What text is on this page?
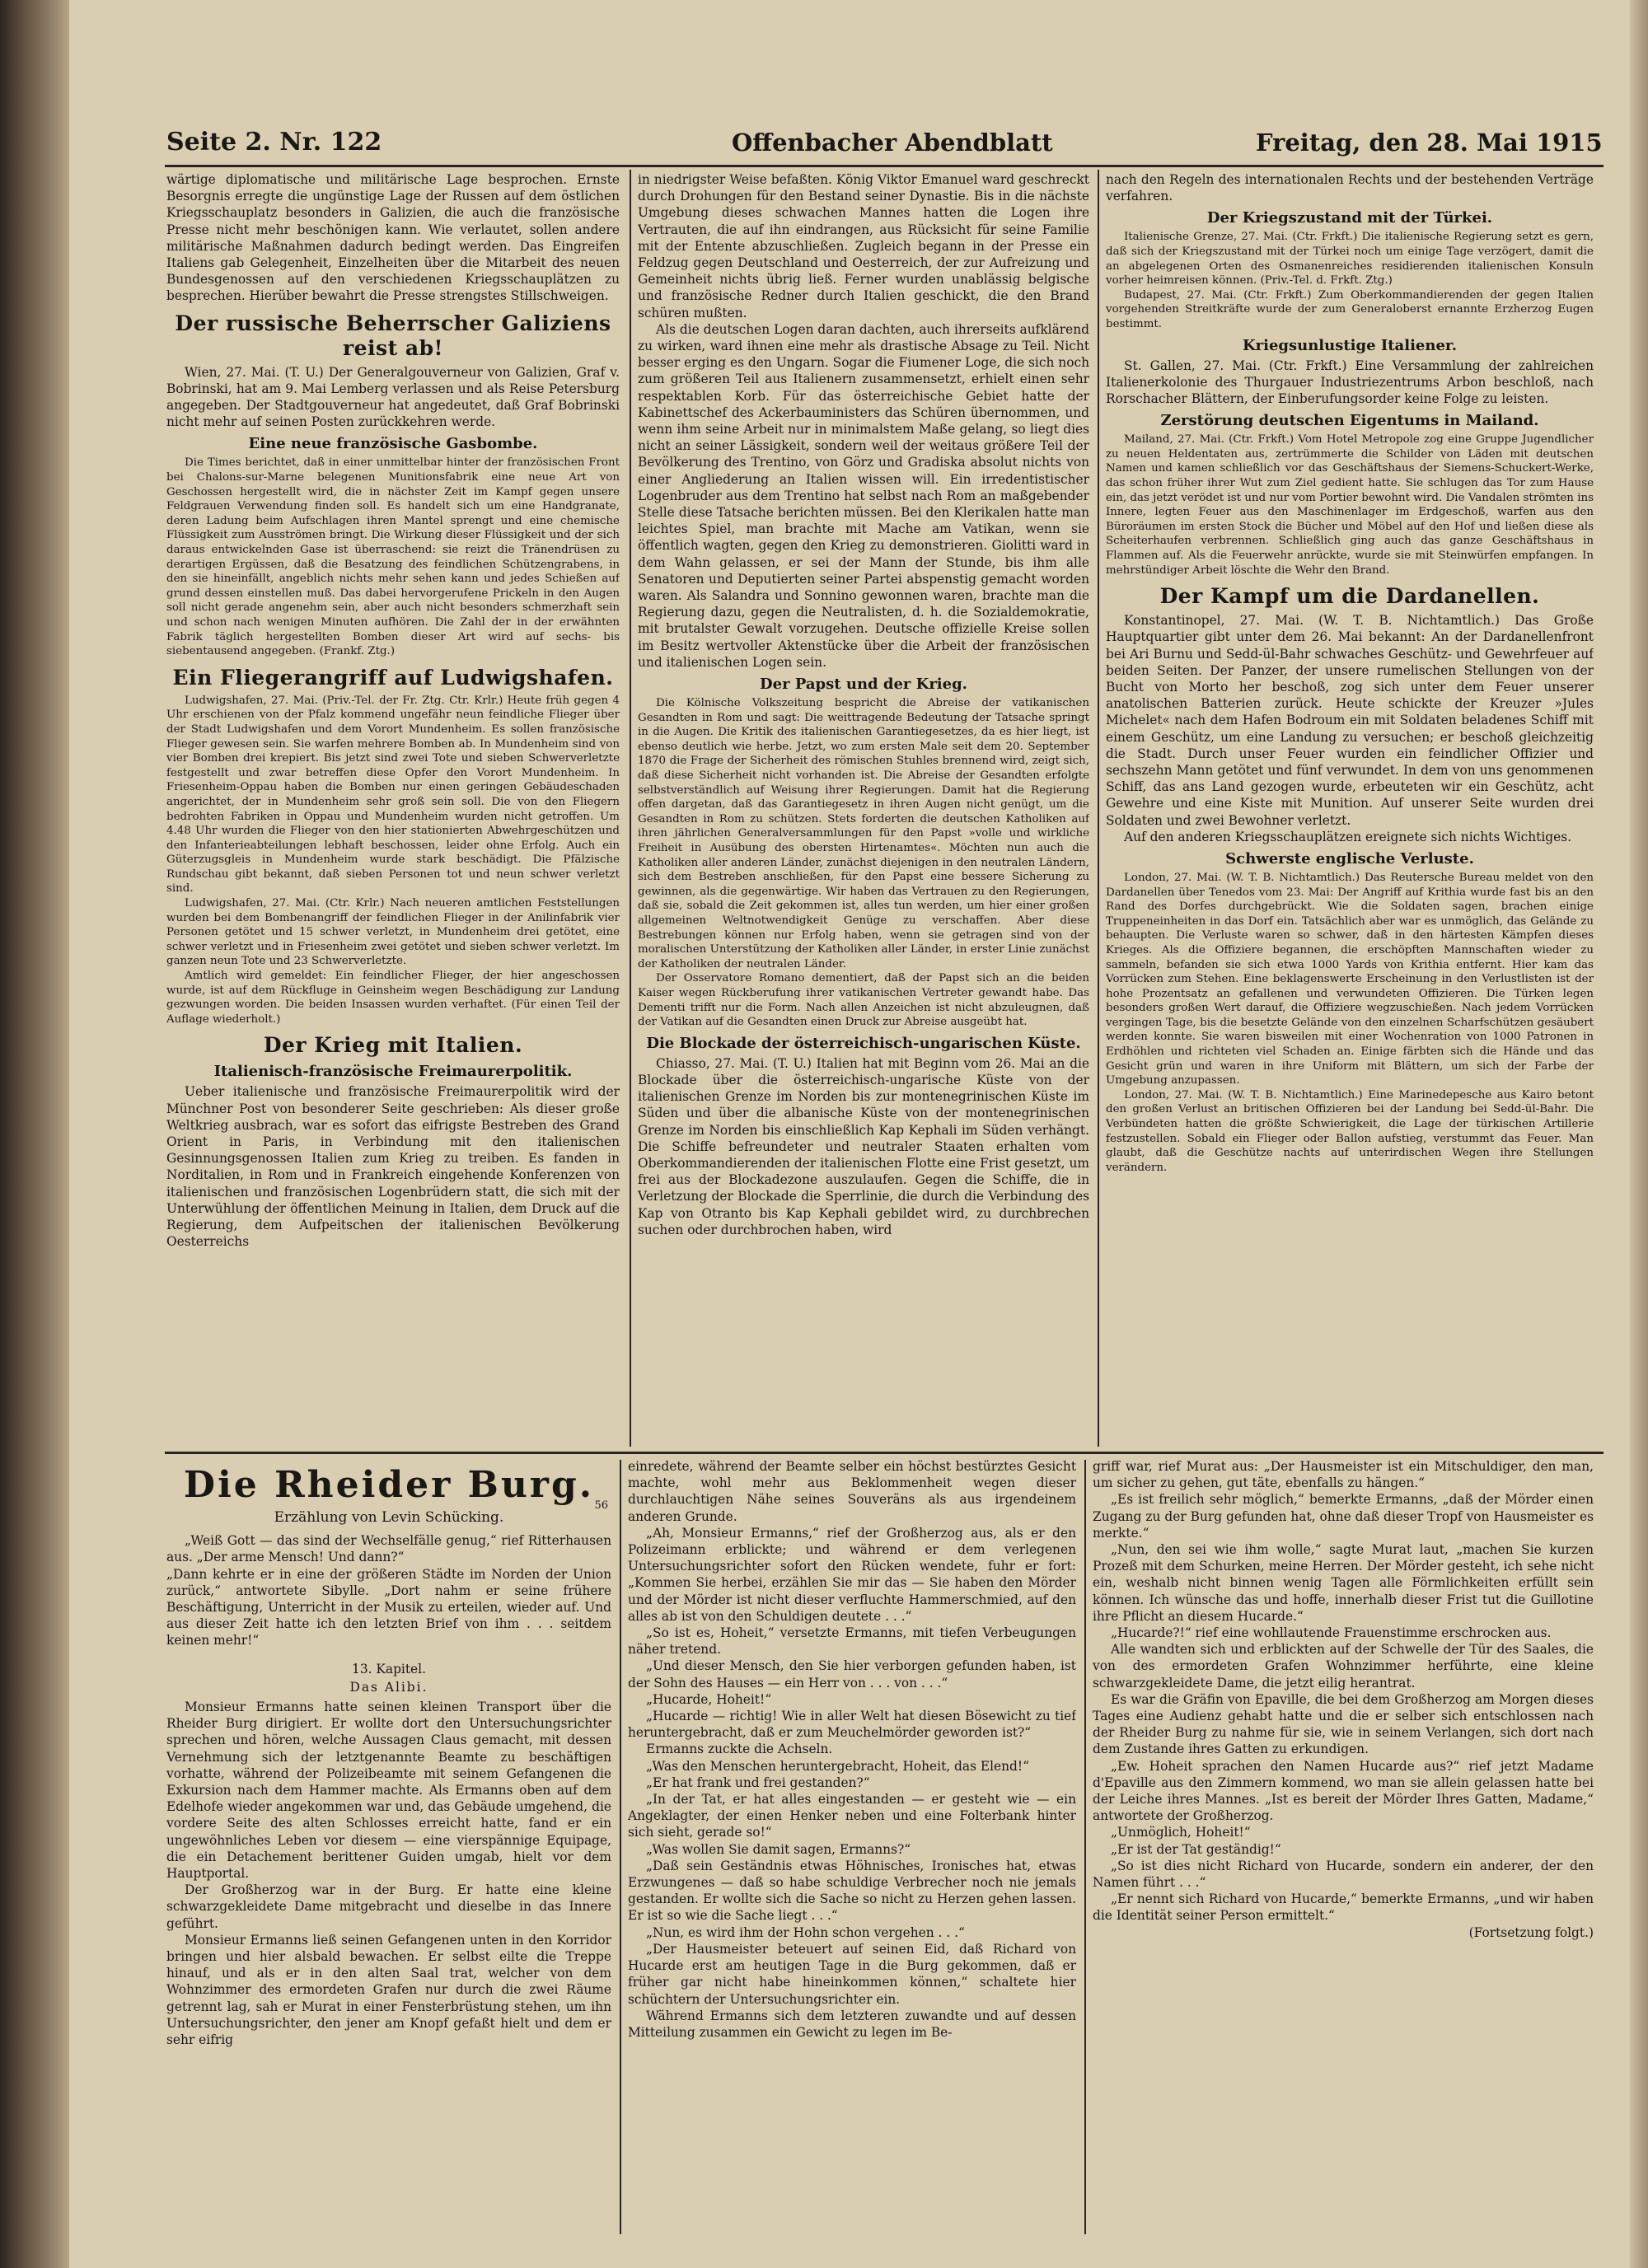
Seite 2. Nr. 122	Offenbacher Abendblatt	Freitag, den 28. Mai 1915

wärtige diplomatische und militärische Lage besprochen. Ernste Besorgnis erregte die ungünstige Lage der Russen auf dem östlichen Kriegsschauplatz besonders in Galizien, die auch die französische Presse nicht mehr beschönigen kann. Wie verlautet, sollen andere militärische Maßnahmen dadurch bedingt werden. Das Eingreifen Italiens gab Gelegenheit, Einzelheiten über die Mitarbeit des neuen Bundesgenossen auf den verschiedenen Kriegsschauplätzen zu besprechen. Hierüber bewahrt die Presse strengstes Stillschweigen.

Der russische Beherrscher Galiziens reist ab!

Wien, 27. Mai. (T. U.) Der Generalgouverneur von Galizien, Graf v. Bobrinski, hat am 9. Mai Lemberg verlassen und als Reise Petersburg angegeben. Der Stadtgouverneur hat angedeutet, daß Graf Bobrinski nicht mehr auf seinen Posten zurückkehren werde.

Eine neue französische Gasbombe.

Die Times berichtet, daß in einer unmittelbar hinter der französischen Front bei Chalons-sur-Marne belegenen Munitionsfabrik eine neue Art von Geschossen hergestellt wird, die in nächster Zeit im Kampf gegen unsere Feldgrauen Verwendung finden soll. Es handelt sich um eine Handgranate, deren Ladung beim Aufschlagen ihren Mantel sprengt und eine chemische Flüssigkeit zum Ausströmen bringt. Die Wirkung dieser Flüssigkeit und der sich daraus entwickelnden Gase ist überraschend: sie reizt die Tränendrüsen zu derartigen Ergüssen, daß die Besatzung des feindlichen Schützengrabens, in den sie hineinfällt, angeblich nichts mehr sehen kann und jedes Schießen auf grund dessen einstellen muß. Das dabei hervorgerufene Prickeln in den Augen soll nicht gerade angenehm sein, aber auch nicht besonders schmerzhaft sein und schon nach wenigen Minuten aufhören. Die Zahl der in der erwähnten Fabrik täglich hergestellten Bomben dieser Art wird auf sechs- bis siebentausend angegeben. (Frankf. Ztg.)

Ein Fliegerangriff auf Ludwigshafen.

Ludwigshafen, 27. Mai. (Priv.-Tel. der Fr. Ztg. Ctr. Krlr.) Heute früh gegen 4 Uhr erschienen von der Pfalz kommend ungefähr neun feindliche Flieger über der Stadt Ludwigshafen und dem Vorort Mundenheim. Es sollen französische Flieger gewesen sein. Sie warfen mehrere Bomben ab. In Mundenheim sind von vier Bomben drei krepiert. Bis jetzt sind zwei Tote und sieben Schwerverletzte festgestellt und zwar betreffen diese Opfer den Vorort Mundenheim. In Friesenheim-Oppau haben die Bomben nur einen geringen Gebäudeschaden angerichtet, der in Mundenheim sehr groß sein soll. Die von den Fliegern bedrohten Fabriken in Oppau und Mundenheim wurden nicht getroffen. Um 4.48 Uhr wurden die Flieger von den hier stationierten Abwehrgeschützen und den Infanterieabteilungen lebhaft beschossen, leider ohne Erfolg. Auch ein Güterzugsgleis in Mundenheim wurde stark beschädigt. Die Pfälzische Rundschau gibt bekannt, daß sieben Personen tot und neun schwer verletzt sind.

Ludwigshafen, 27. Mai. (Ctr. Krlr.) Nach neueren amtlichen Feststellungen wurden bei dem Bombenangriff der feindlichen Flieger in der Anilinfabrik vier Personen getötet und 15 schwer verletzt, in Mundenheim drei getötet, eine schwer verletzt und in Friesenheim zwei getötet und sieben schwer verletzt. Im ganzen neun Tote und 23 Schwerverletzte.

Amtlich wird gemeldet: Ein feindlicher Flieger, der hier angeschossen wurde, ist auf dem Rückfluge in Geinsheim wegen Beschädigung zur Landung gezwungen worden. Die beiden Insassen wurden verhaftet. (Für einen Teil der Auflage wiederholt.)

Der Krieg mit Italien.
Italienisch-französische Freimaurerpolitik.

Ueber italienische und französische Freimaurerpolitik wird der Münchner Post von besonderer Seite geschrieben: Als dieser große Weltkrieg ausbrach, war es sofort das eifrigste Bestreben des Grand Orient in Paris, in Verbindung mit den italienischen Gesinnungsgenossen Italien zum Krieg zu treiben. Es fanden in Norditalien, in Rom und in Frankreich eingehende Konferenzen von italienischen und französischen Logenbrüdern statt, die sich mit der Unterwühlung der öffentlichen Meinung in Italien, dem Druck auf die Regierung, dem Aufpeitschen der italienischen Bevölkerung Oesterreichs

in niedrigster Weise befaßten. König Viktor Emanuel ward geschreckt durch Drohungen für den Bestand seiner Dynastie. Bis in die nächste Umgebung dieses schwachen Mannes hatten die Logen ihre Vertrauten, die auf ihn eindrangen, aus Rücksicht für seine Familie mit der Entente abzuschließen. Zugleich begann in der Presse ein Feldzug gegen Deutschland und Oesterreich, der zur Aufreizung und Gemeinheit nichts übrig ließ. Ferner wurden unablässig belgische und französische Redner durch Italien geschickt, die den Brand schüren mußten.

Als die deutschen Logen daran dachten, auch ihrerseits aufklärend zu wirken, ward ihnen eine mehr als drastische Absage zu Teil. Nicht besser erging es den Ungarn. Sogar die Fiumener Loge, die sich noch zum größeren Teil aus Italienern zusammensetzt, erhielt einen sehr respektablen Korb. Für das österreichische Gebiet hatte der Kabinettschef des Ackerbauministers das Schüren übernommen, und wenn ihm seine Arbeit nur in minimalstem Maße gelang, so liegt dies nicht an seiner Lässigkeit, sondern weil der weitaus größere Teil der Bevölkerung des Trentino, von Görz und Gradiska absolut nichts von einer Angliederung an Italien wissen will. Ein irredentistischer Logenbruder aus dem Trentino hat selbst nach Rom an maßgebender Stelle diese Tatsache berichten müssen. Bei den Klerikalen hatte man leichtes Spiel, man brachte mit Mache am Vatikan, wenn sie öffentlich wagten, gegen den Krieg zu demonstrieren. Giolitti ward in dem Wahn gelassen, er sei der Mann der Stunde, bis ihm alle Senatoren und Deputierten seiner Partei abspenstig gemacht worden waren. Als Salandra und Sonnino gewonnen waren, brachte man die Regierung dazu, gegen die Neutralisten, d. h. die Sozialdemokratie, mit brutalster Gewalt vorzugehen. Deutsche offizielle Kreise sollen im Besitz wertvoller Aktenstücke über die Arbeit der französischen und italienischen Logen sein.

Der Papst und der Krieg.

Die Kölnische Volkszeitung bespricht die Abreise der vatikanischen Gesandten in Rom und sagt: Die weittragende Bedeutung der Tatsache springt in die Augen. Die Kritik des italienischen Garantiegesetzes, da es hier liegt, ist ebenso deutlich wie herbe. Jetzt, wo zum ersten Male seit dem 20. September 1870 die Frage der Sicherheit des römischen Stuhles brennend wird, zeigt sich, daß diese Sicherheit nicht vorhanden ist. Die Abreise der Gesandten erfolgte selbstverständlich auf Weisung ihrer Regierungen. Damit hat die Regierung offen dargetan, daß das Garantiegesetz in ihren Augen nicht genügt, um die Gesandten in Rom zu schützen. Stets forderten die deutschen Katholiken auf ihren jährlichen Generalversammlungen für den Papst »volle und wirkliche Freiheit in Ausübung des obersten Hirtenamtes«. Möchten nun auch die Katholiken aller anderen Länder, zunächst diejenigen in den neutralen Ländern, sich dem Bestreben anschließen, für den Papst eine bessere Sicherung zu gewinnen, als die gegenwärtige. Wir haben das Vertrauen zu den Regierungen, daß sie, sobald die Zeit gekommen ist, alles tun werden, um hier einer großen allgemeinen Weltnotwendigkeit Genüge zu verschaffen. Aber diese Bestrebungen können nur Erfolg haben, wenn sie getragen sind von der moralischen Unterstützung der Katholiken aller Länder, in erster Linie zunächst der Katholiken der neutralen Länder.

Der Osservatore Romano dementiert, daß der Papst sich an die beiden Kaiser wegen Rückberufung ihrer vatikanischen Vertreter gewandt habe. Das Dementi trifft nur die Form. Nach allen Anzeichen ist nicht abzuleugnen, daß der Vatikan auf die Gesandten einen Druck zur Abreise ausgeübt hat.

Die Blockade der österreichisch-ungarischen Küste.

Chiasso, 27. Mai. (T. U.) Italien hat mit Beginn vom 26. Mai an die Blockade über die österreichisch-ungarische Küste von der italienischen Grenze im Norden bis zur montenegrinischen Küste im Süden und über die albanische Küste von der montenegrinischen Grenze im Norden bis einschließlich Kap Kephali im Süden verhängt. Die Schiffe befreundeter und neutraler Staaten erhalten vom Oberkommandierenden der italienischen Flotte eine Frist gesetzt, um frei aus der Blockadezone auszulaufen. Gegen die Schiffe, die in Verletzung der Blockade die Sperrlinie, die durch die Verbindung des Kap von Otranto bis Kap Kephali gebildet wird, zu durchbrechen suchen oder durchbrochen haben, wird

nach den Regeln des internationalen Rechts und der bestehenden Verträge verfahren.

Der Kriegszustand mit der Türkei.

Italienische Grenze, 27. Mai. (Ctr. Frkft.) Die italienische Regierung setzt es gern, daß sich der Kriegszustand mit der Türkei noch um einige Tage verzögert, damit die an abgelegenen Orten des Osmanenreiches residierenden italienischen Konsuln vorher heimreisen können. (Priv.-Tel. d. Frkft. Ztg.)

Budapest, 27. Mai. (Ctr. Frkft.) Zum Oberkommandierenden der gegen Italien vorgehenden Streitkräfte wurde der zum Generaloberst ernannte Erzherzog Eugen bestimmt.

Kriegsunlustige Italiener.

St. Gallen, 27. Mai. (Ctr. Frkft.) Eine Versammlung der zahlreichen Italienerkolonie des Thurgauer Industriezentrums Arbon beschloß, nach Rorschacher Blättern, der Einberufungsorder keine Folge zu leisten.

Zerstörung deutschen Eigentums in Mailand.

Mailand, 27. Mai. (Ctr. Frkft.) Vom Hotel Metropole zog eine Gruppe Jugendlicher zu neuen Heldentaten aus, zertrümmerte die Schilder von Läden mit deutschen Namen und kamen schließlich vor das Geschäftshaus der Siemens-Schuckert-Werke, das schon früher ihrer Wut zum Ziel gedient hatte. Sie schlugen das Tor zum Hause ein, das jetzt verödet ist und nur vom Portier bewohnt wird. Die Vandalen strömten ins Innere, legten Feuer aus den Maschinenlager im Erdgeschoß, warfen aus den Büroräumen im ersten Stock die Bücher und Möbel auf den Hof und ließen diese als Scheiterhaufen verbrennen. Schließlich ging auch das ganze Geschäftshaus in Flammen auf. Als die Feuerwehr anrückte, wurde sie mit Steinwürfen empfangen. In mehrstündiger Arbeit löschte die Wehr den Brand.

Der Kampf um die Dardanellen.

Konstantinopel, 27. Mai. (W. T. B. Nichtamtlich.) Das Große Hauptquartier gibt unter dem 26. Mai bekannt: An der Dardanellenfront bei Ari Burnu und Sedd-ül-Bahr schwaches Geschütz- und Gewehrfeuer auf beiden Seiten. Der Panzer, der unsere rumelischen Stellungen von der Bucht von Morto her beschoß, zog sich unter dem Feuer unserer anatolischen Batterien zurück. Heute schickte der Kreuzer »Jules Michelet« nach dem Hafen Bodroum ein mit Soldaten beladenes Schiff mit einem Geschütz, um eine Landung zu versuchen; er beschoß gleichzeitig die Stadt. Durch unser Feuer wurden ein feindlicher Offizier und sechszehn Mann getötet und fünf verwundet. In dem von uns genommenen Schiff, das ans Land gezogen wurde, erbeuteten wir ein Geschütz, acht Gewehre und eine Kiste mit Munition. Auf unserer Seite wurden drei Soldaten und zwei Bewohner verletzt.

Auf den anderen Kriegsschauplätzen ereignete sich nichts Wichtiges.

Schwerste englische Verluste.

London, 27. Mai. (W. T. B. Nichtamtlich.) Das Reutersche Bureau meldet von den Dardanellen über Tenedos vom 23. Mai: Der Angriff auf Krithia wurde fast bis an den Rand des Dorfes durchgebrückt. Wie die Soldaten sagen, brachen einige Truppeneinheiten in das Dorf ein. Tatsächlich aber war es unmöglich, das Gelände zu behaupten. Die Verluste waren so schwer, daß in den härtesten Kämpfen dieses Krieges. Als die Offiziere begannen, die erschöpften Mannschaften wieder zu sammeln, befanden sie sich etwa 1000 Yards von Krithia entfernt. Hier kam das Vorrücken zum Stehen. Eine beklagenswerte Erscheinung in den Verlustlisten ist der hohe Prozentsatz an gefallenen und verwundeten Offizieren. Die Türken legen besonders großen Wert darauf, die Offiziere wegzuschießen. Nach jedem Vorrücken vergingen Tage, bis die besetzte Gelände von den einzelnen Scharfschützen gesäubert werden konnte. Sie waren bisweilen mit einer Wochenration von 1000 Patronen in Erdhöhlen und richteten viel Schaden an. Einige färbten sich die Hände und das Gesicht grün und waren in ihre Uniform mit Blättern, um sich der Farbe der Umgebung anzupassen.

London, 27. Mai. (W. T. B. Nichtamtlich.) Eine Marinedepesche aus Kairo betont den großen Verlust an britischen Offizieren bei der Landung bei Sedd-ül-Bahr. Die Verbündeten hatten die größte Schwierigkeit, die Lage der türkischen Artillerie festzustellen. Sobald ein Flieger oder Ballon aufstieg, verstummt das Feuer. Man glaubt, daß die Geschütze nachts auf unterirdischen Wegen ihre Stellungen verändern.

Die Rheider Burg. 56
Erzählung von Levin Schücking.

„Weiß Gott — das sind der Wechselfälle genug,“ rief Ritterhausen aus. „Der arme Mensch! Und dann?“
„Dann kehrte er in eine der größeren Städte im Norden der Union zurück,“ antwortete Sibylle. „Dort nahm er seine frühere Beschäftigung, Unterricht in der Musik zu erteilen, wieder auf. Und aus dieser Zeit hatte ich den letzten Brief von ihm . . . seitdem keinen mehr!“

13. Kapitel.
Das Alibi.

Monsieur Ermanns hatte seinen kleinen Transport über die Rheider Burg dirigiert. Er wollte dort den Untersuchungsrichter sprechen und hören, welche Aussagen Claus gemacht, mit dessen Vernehmung sich der letztgenannte Beamte zu beschäftigen vorhatte, während der Polizeibeamte mit seinem Gefangenen die Exkursion nach dem Hammer machte. Als Ermanns oben auf dem Edelhofe wieder angekommen war und, das Gebäude umgehend, die vordere Seite des alten Schlosses erreicht hatte, fand er ein ungewöhnliches Leben vor diesem — eine vierspännige Equipage, die ein Detachement berittener Guiden umgab, hielt vor dem Hauptportal.

Der Großherzog war in der Burg. Er hatte eine kleine schwarzgekleidete Dame mitgebracht und dieselbe in das Innere geführt.

Monsieur Ermanns ließ seinen Gefangenen unten in den Korridor bringen und hier alsbald bewachen. Er selbst eilte die Treppe hinauf, und als er in den alten Saal trat, welcher von dem Wohnzimmer des ermordeten Grafen nur durch die zwei Räume getrennt lag, sah er Murat in einer Fensterbrüstung stehen, um ihn Untersuchungsrichter, den jener am Knopf gefaßt hielt und dem er sehr eifrig

einredete, während der Beamte selber ein höchst bestürztes Gesicht machte, wohl mehr aus Beklommenheit wegen dieser durchlauchtigen Nähe seines Souveräns als aus irgendeinem anderen Grunde.

„Ah, Monsieur Ermanns,“ rief der Großherzog aus, als er den Polizeimann erblickte; und während er dem verlegenen Untersuchungsrichter sofort den Rücken wendete, fuhr er fort: „Kommen Sie herbei, erzählen Sie mir das — Sie haben den Mörder und der Mörder ist nicht dieser verfluchte Hammerschmied, auf den alles ab ist von den Schuldigen deutete . . .“

„So ist es, Hoheit,“ versetzte Ermanns, mit tiefen Verbeugungen näher tretend.

„Und dieser Mensch, den Sie hier verborgen gefunden haben, ist der Sohn des Hauses — ein Herr von . . . von . . .“

„Hucarde, Hoheit!“

„Hucarde — richtig! Wie in aller Welt hat diesen Bösewicht zu tief heruntergebracht, daß er zum Meuchelmörder geworden ist?“

Ermanns zuckte die Achseln.

„Was den Menschen heruntergebracht, Hoheit, das Elend!“

„Er hat frank und frei gestanden?“

„In der Tat, er hat alles eingestanden — er gesteht wie — ein Angeklagter, der einen Henker neben und eine Folterbank hinter sich sieht, gerade so!“

„Was wollen Sie damit sagen, Ermanns?“

„Daß sein Geständnis etwas Höhnisches, Ironisches hat, etwas Erzwungenes — daß so habe schuldige Verbrecher noch nie jemals gestanden. Er wollte sich die Sache so nicht zu Herzen gehen lassen. Er ist so wie die Sache liegt . . .“

„Nun, es wird ihm der Hohn schon vergehen . . .“

„Der Hausmeister beteuert auf seinen Eid, daß Richard von Hucarde erst am heutigen Tage in die Burg gekommen, daß er früher gar nicht habe hineinkommen können,“ schaltete hier schüchtern der Untersuchungsrichter ein.

Während Ermanns sich dem letzteren zuwandte und auf dessen Mitteilung zusammen ein Gewicht zu legen im Be-

griff war, rief Murat aus: „Der Hausmeister ist ein Mitschuldiger, den man, um sicher zu gehen, gut täte, ebenfalls zu hängen.“

„Es ist freilich sehr möglich,“ bemerkte Ermanns, „daß der Mörder einen Zugang zu der Burg gefunden hat, ohne daß dieser Tropf von Hausmeister es merkte.“

„Nun, den sei wie ihm wolle,“ sagte Murat laut, „machen Sie kurzen Prozeß mit dem Schurken, meine Herren. Der Mörder gesteht, ich sehe nicht ein, weshalb nicht binnen wenig Tagen alle Förmlichkeiten erfüllt sein können. Ich wünsche das und hoffe, innerhalb dieser Frist tut die Guillotine ihre Pflicht an diesem Hucarde.“

„Hucarde?!“ rief eine wohllautende Frauenstimme erschrocken aus.

Alle wandten sich und erblickten auf der Schwelle der Tür des Saales, die von des ermordeten Grafen Wohnzimmer herführte, eine kleine schwarzgekleidete Dame, die jetzt eilig herantrat.

Es war die Gräfin von Epaville, die bei dem Großherzog am Morgen dieses Tages eine Audienz gehabt hatte und die er selber sich entschlossen nach der Rheider Burg zu nahme für sie, wie in seinem Verlangen, sich dort nach dem Zustande ihres Gatten zu erkundigen.

„Ew. Hoheit sprachen den Namen Hucarde aus?“ rief jetzt Madame d'Epaville aus den Zimmern kommend, wo man sie allein gelassen hatte bei der Leiche ihres Mannes. „Ist es bereit der Mörder Ihres Gatten, Madame,“ antwortete der Großherzog.

„Unmöglich, Hoheit!“

„Er ist der Tat geständig!“

„So ist dies nicht Richard von Hucarde, sondern ein anderer, der den Namen führt . . .“

„Er nennt sich Richard von Hucarde,“ bemerkte Ermanns, „und wir haben die Identität seiner Person ermittelt.“

(Fortsetzung folgt.)
